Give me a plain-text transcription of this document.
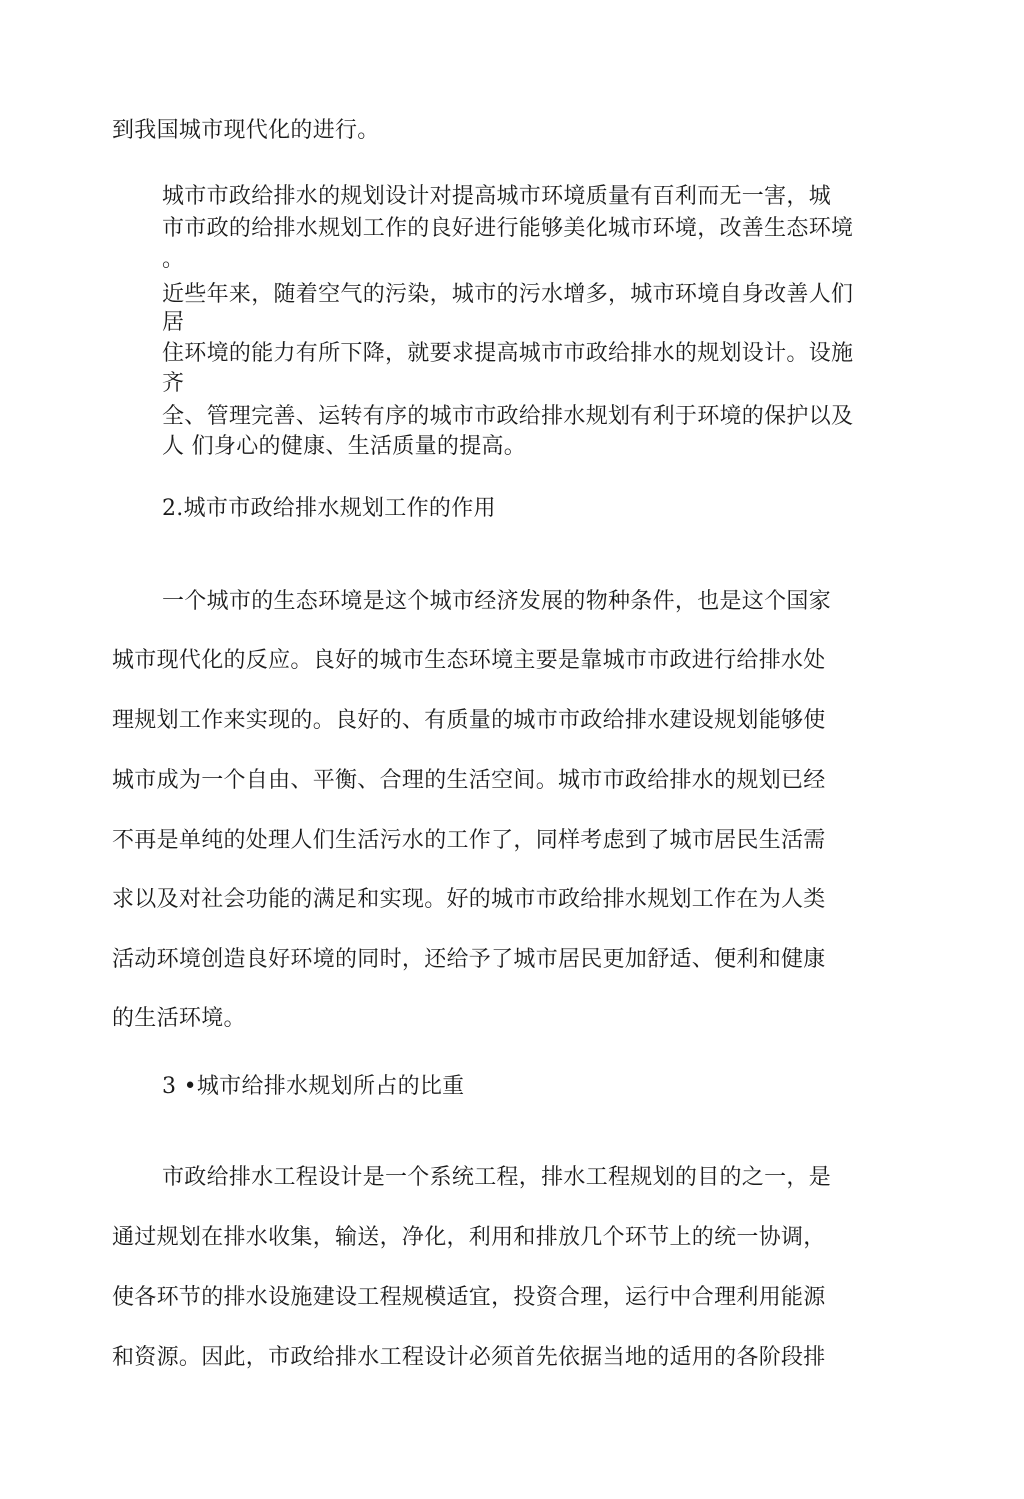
到我国城市现代化的进行。
城市市政给排水的规划设计对提高城市环境质量有百利而无一害，城
市市政的给排水规划工作的良好进行能够美化城市环境，改善生态环境
。
近些年来，随着空气的污染，城市的污水增多，城市环境自身改善人们
居
住环境的能力有所下降，就要求提高城市市政给排水的规划设计。设施
齐
全、管理完善、运转有序的城市市政给排水规划有利于环境的保护以及
人 们身心的健康、生活质量的提高。
2.城市市政给排水规划工作的作用
一个城市的生态环境是这个城市经济发展的物种条件，也是这个国家
城市现代化的反应。良好的城市生态环境主要是靠城市市政进行给排水处
理规划工作来实现的。良好的、有质量的城市市政给排水建设规划能够使
城市成为一个自由、平衡、合理的生活空间。城市市政给排水的规划已经
不再是单纯的处理人们生活污水的工作了，同样考虑到了城市居民生活需
求以及对社会功能的满足和实现。好的城市市政给排水规划工作在为人类
活动环境创造良好环境的同时，还给予了城市居民更加舒适、便利和健康
的生活环境。
3 •城市给排水规划所占的比重
市政给排水工程设计是一个系统工程，排水工程规划的目的之一，是
通过规划在排水收集，输送，净化，利用和排放几个环节上的统一协调，
使各环节的排水设施建设工程规模适宜，投资合理，运行中合理利用能源
和资源。因此，市政给排水工程设计必须首先依据当地的适用的各阶段排
